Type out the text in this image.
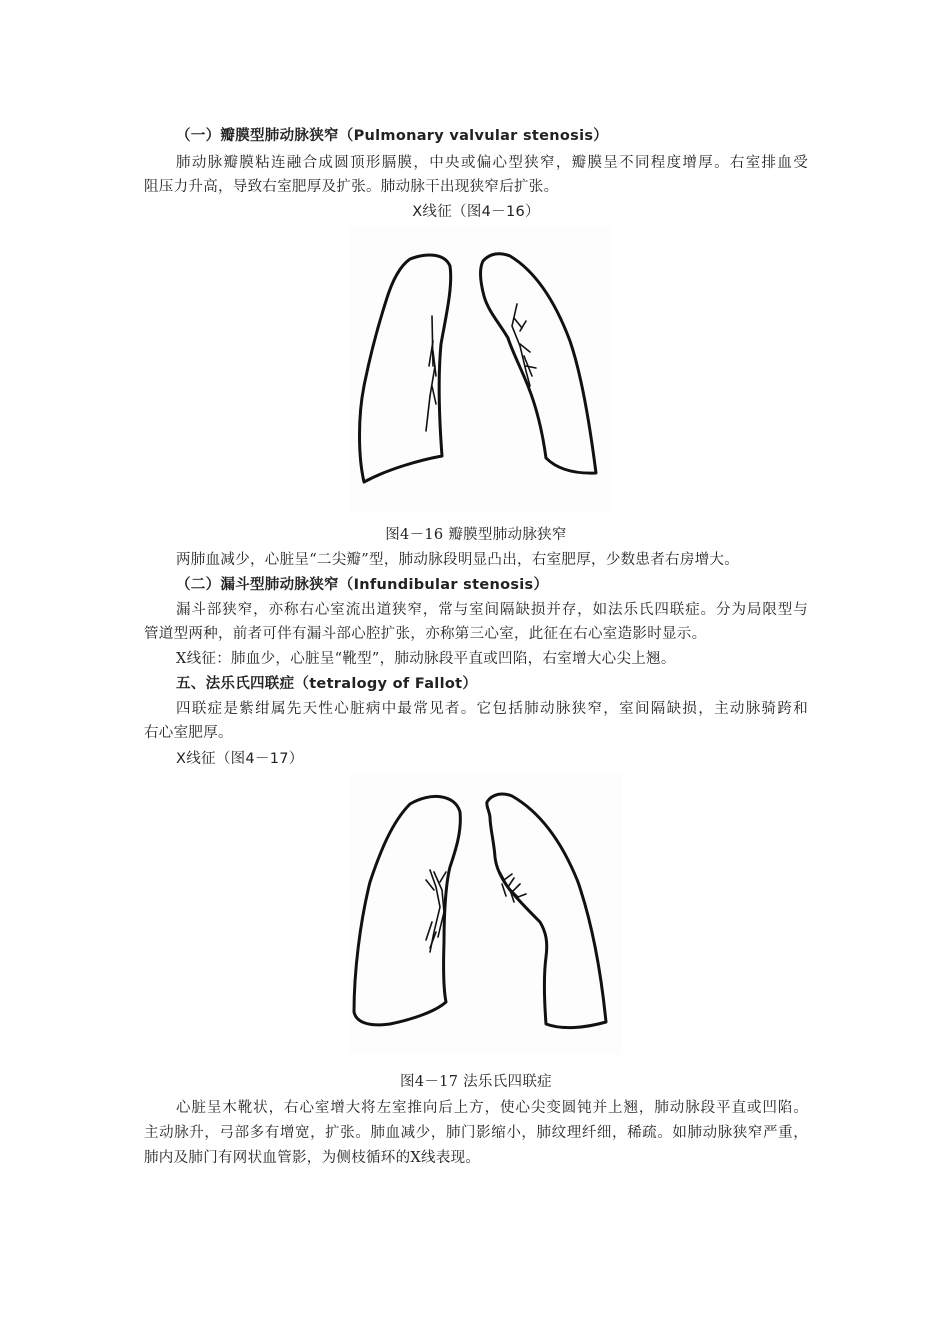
（一）瓣膜型肺动脉狭窄（Pulmonary valvular stenosis）
肺动脉瓣膜粘连融合成圆顶形膈膜，中央或偏心型狭窄，瓣膜呈不同程度增厚。右室排血受
阻压力升高，导致右室肥厚及扩张。肺动脉干出现狭窄后扩张。
X线征（图4－16）
图4－16 瓣膜型肺动脉狭窄
两肺血减少，心脏呈“二尖瓣”型，肺动脉段明显凸出，右室肥厚，少数患者右房增大。
（二）漏斗型肺动脉狭窄（Infundibular stenosis）
漏斗部狭窄，亦称右心室流出道狭窄，常与室间隔缺损并存，如法乐氏四联症。分为局限型与
管道型两种，前者可伴有漏斗部心腔扩张，亦称第三心室，此征在右心室造影时显示。
X线征：肺血少，心脏呈“靴型”，肺动脉段平直或凹陷，右室增大心尖上翘。
五、法乐氏四联症（tetralogy of Fallot）
四联症是紫绀属先天性心脏病中最常见者。它包括肺动脉狭窄，室间隔缺损，主动脉骑跨和
右心室肥厚。
X线征（图4－17）
图4－17 法乐氏四联症
心脏呈木靴状，右心室增大将左室推向后上方，使心尖变圆钝并上翘，肺动脉段平直或凹陷。
主动脉升，弓部多有增宽，扩张。肺血减少，肺门影缩小，肺纹理纤细，稀疏。如肺动脉狭窄严重，
肺内及肺门有网状血管影，为侧枝循环的X线表现。
